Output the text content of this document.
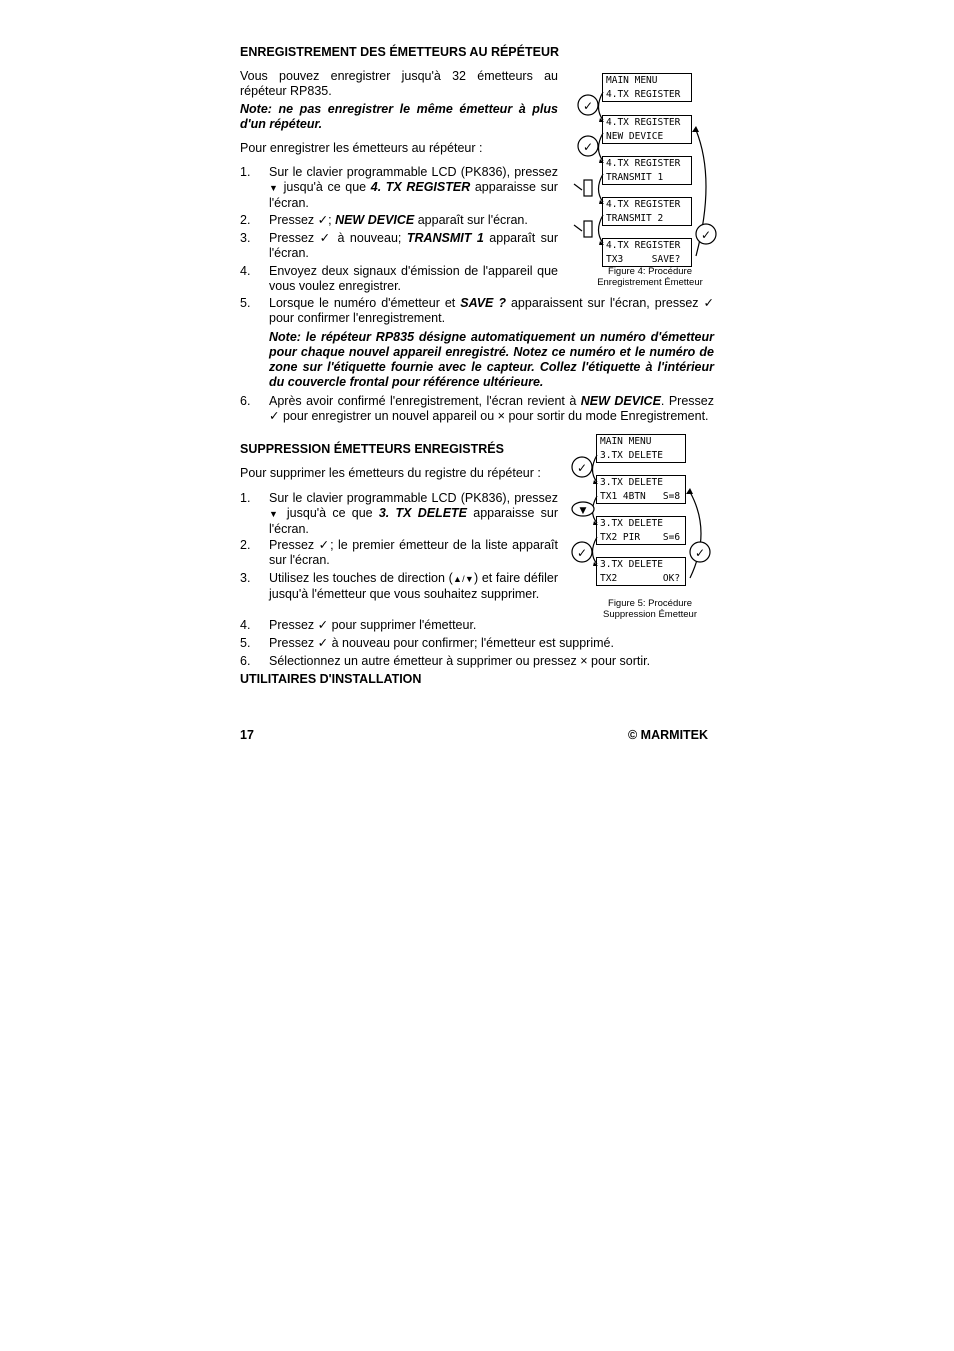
ENREGISTREMENT DES ÉMETTEURS AU RÉPÉTEUR
Vous pouvez enregistrer jusqu'à 32 émetteurs au répéteur RP835.
Note: ne pas enregistrer le même émetteur à plus d'un répéteur.
Pour enregistrer les émetteurs au répéteur :
1. Sur le clavier programmable LCD (PK836), pressez ▼ jusqu'à ce que 4. TX REGISTER apparaisse sur l'écran.
2. Pressez ✓; NEW DEVICE apparaît sur l'écran.
3. Pressez ✓ à nouveau; TRANSMIT 1 apparaît sur l'écran.
4. Envoyez deux signaux d'émission de l'appareil que vous voulez enregistrer.
5. Lorsque le numéro d'émetteur et SAVE ? apparaissent sur l'écran, pressez ✓ pour confirmer l'enregistrement.
Note: le répéteur RP835 désigne automatiquement un numéro d'émetteur pour chaque nouvel appareil enregistré. Notez ce numéro et le numéro de zone sur l'étiquette fournie avec le capteur. Collez l'étiquette à l'intérieur du couvercle frontal pour référence ultérieure.
6. Après avoir confirmé l'enregistrement, l'écran revient à NEW DEVICE. Pressez ✓ pour enregistrer un nouvel appareil ou × pour sortir du mode Enregistrement.
✓
✓
✓
MAIN MENU
4.TX REGISTER
4.TX REGISTER
NEW DEVICE
4.TX REGISTER
TRANSMIT 1
4.TX REGISTER
TRANSMIT 2
4.TX REGISTER
TX3     SAVE?
Figure 4: Procédure
Enregistrement Émetteur
SUPPRESSION ÉMETTEURS ENREGISTRÉS
Pour supprimer les émetteurs du registre du répéteur :
1. Sur le clavier programmable LCD (PK836), pressez ▼ jusqu'à ce que 3. TX DELETE apparaisse sur l'écran.
2. Pressez ✓; le premier émetteur de la liste apparaît sur l'écran.
3. Utilisez les touches de direction (▲/▼) et faire défiler jusqu'à l'émetteur que vous souhaitez supprimer.
4. Pressez ✓ pour supprimer l'émetteur.
5. Pressez ✓ à nouveau pour confirmer; l'émetteur est supprimé.
6. Sélectionnez un autre émetteur à supprimer ou pressez × pour sortir.
✓
▼
✓	✓
MAIN MENU
3.TX DELETE
3.TX DELETE
TX1 4BTN   S=8
3.TX DELETE
TX2 PIR    S=6
3.TX DELETE
TX2        OK?
Figure 5: Procédure
Suppression Émetteur
UTILITAIRES D'INSTALLATION
17	© MARMITEK
